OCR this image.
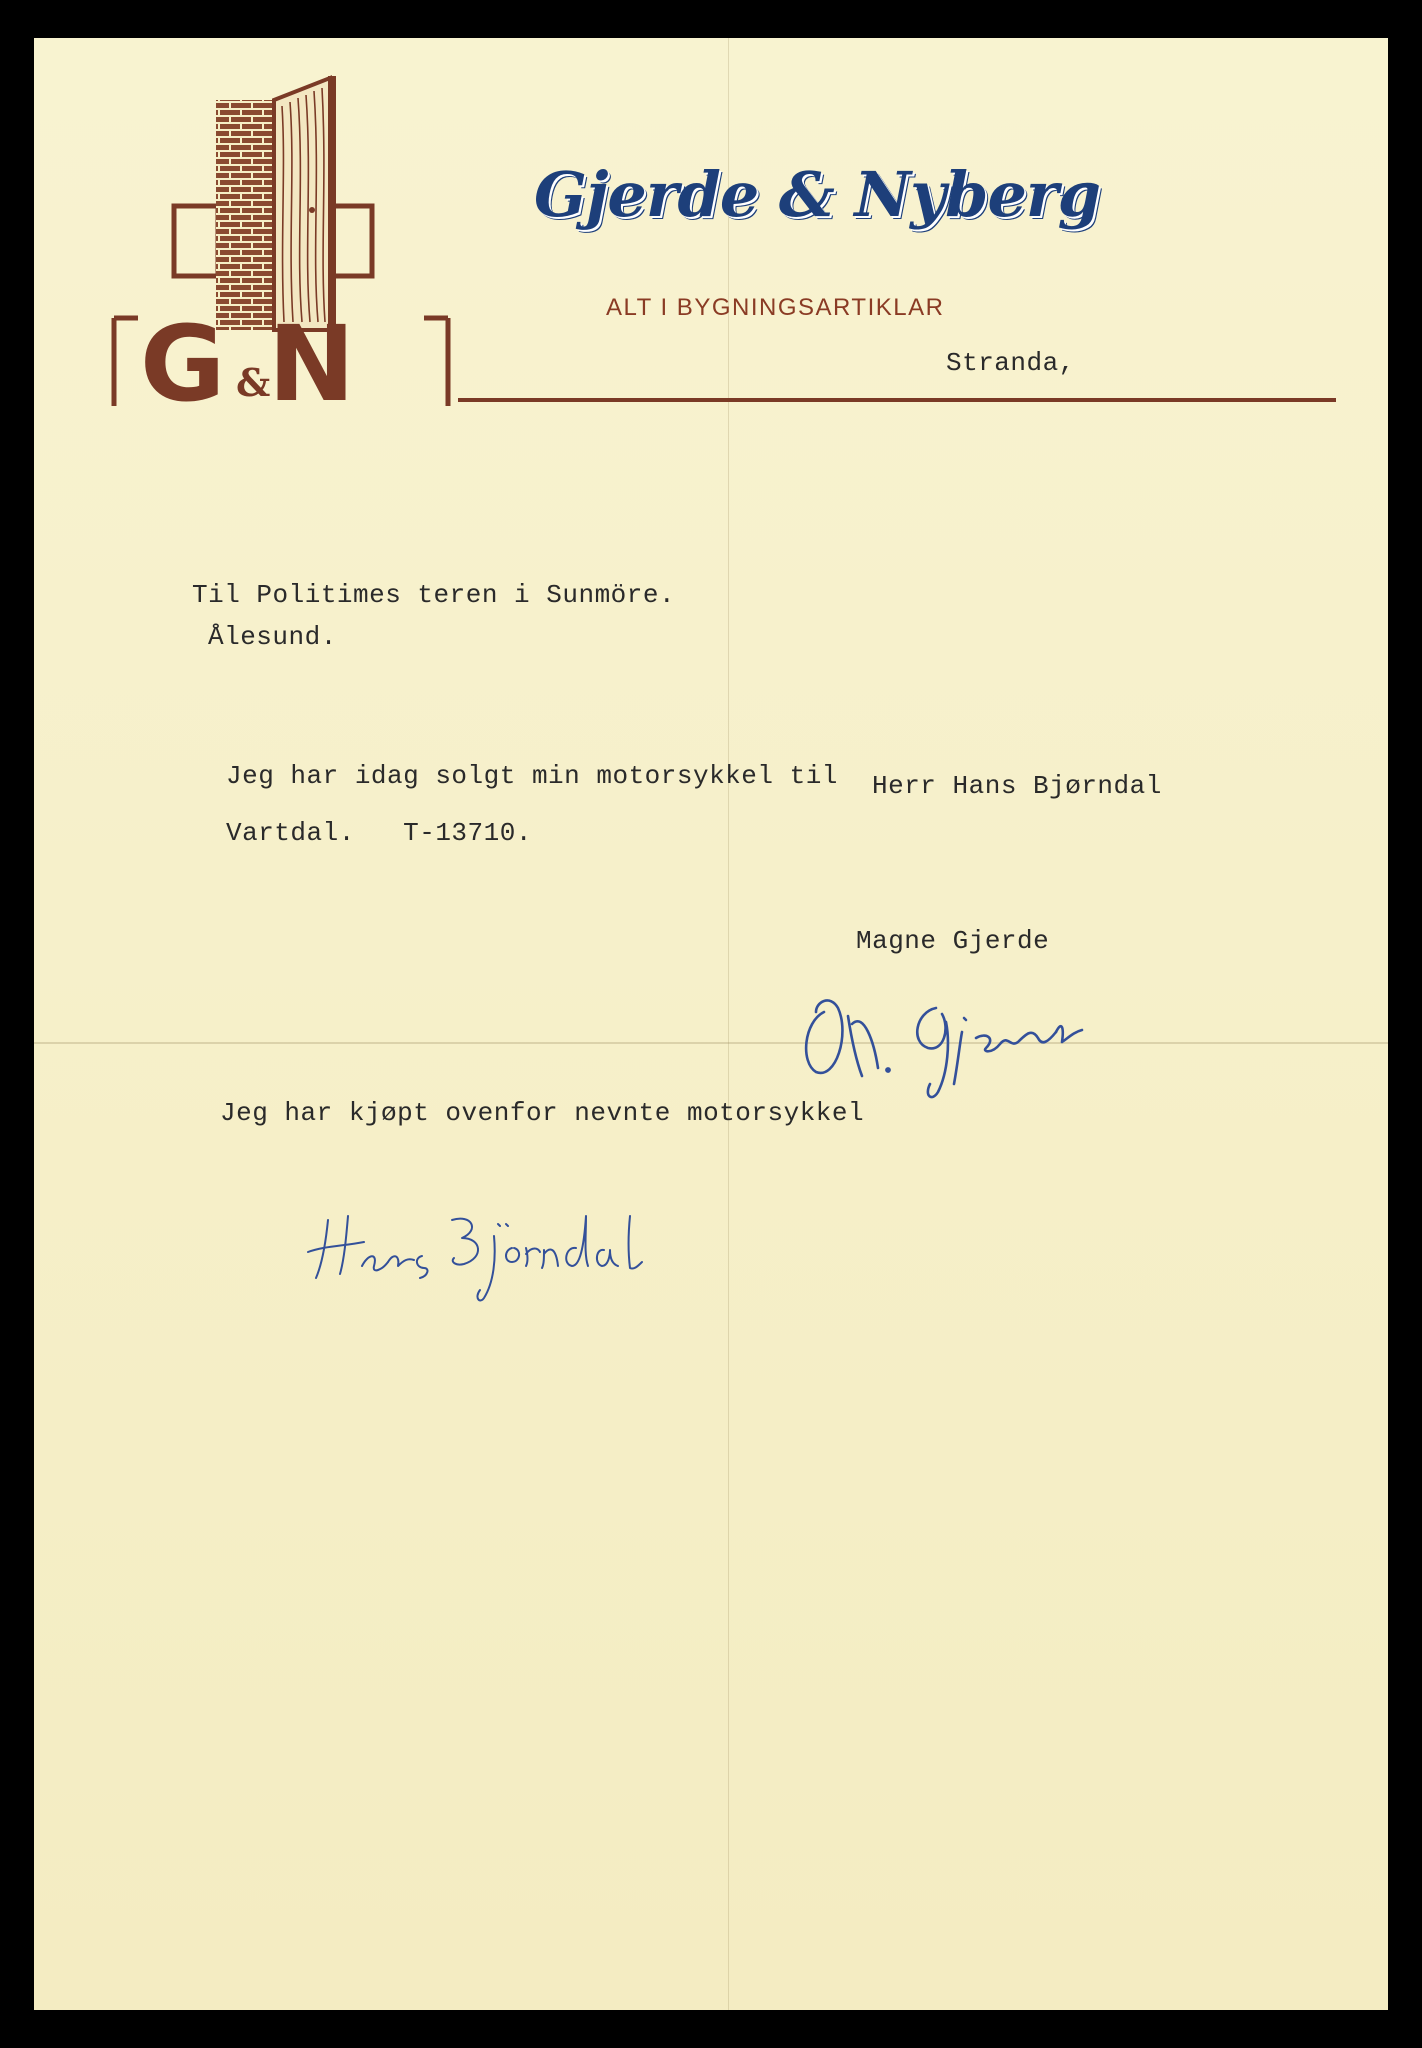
G &
N
Gjerde & Nyberg
ALT I BYGNINGSARTIKLAR
Stranda,
Til Politimes teren i Sunmöre.
Ålesund.
Jeg har idag solgt min motorsykkel til Herr Hans Bjørndal
Vartdal.   T-13710.
Magne Gjerde
Jeg har kjøpt ovenfor nevnte motorsykkel
